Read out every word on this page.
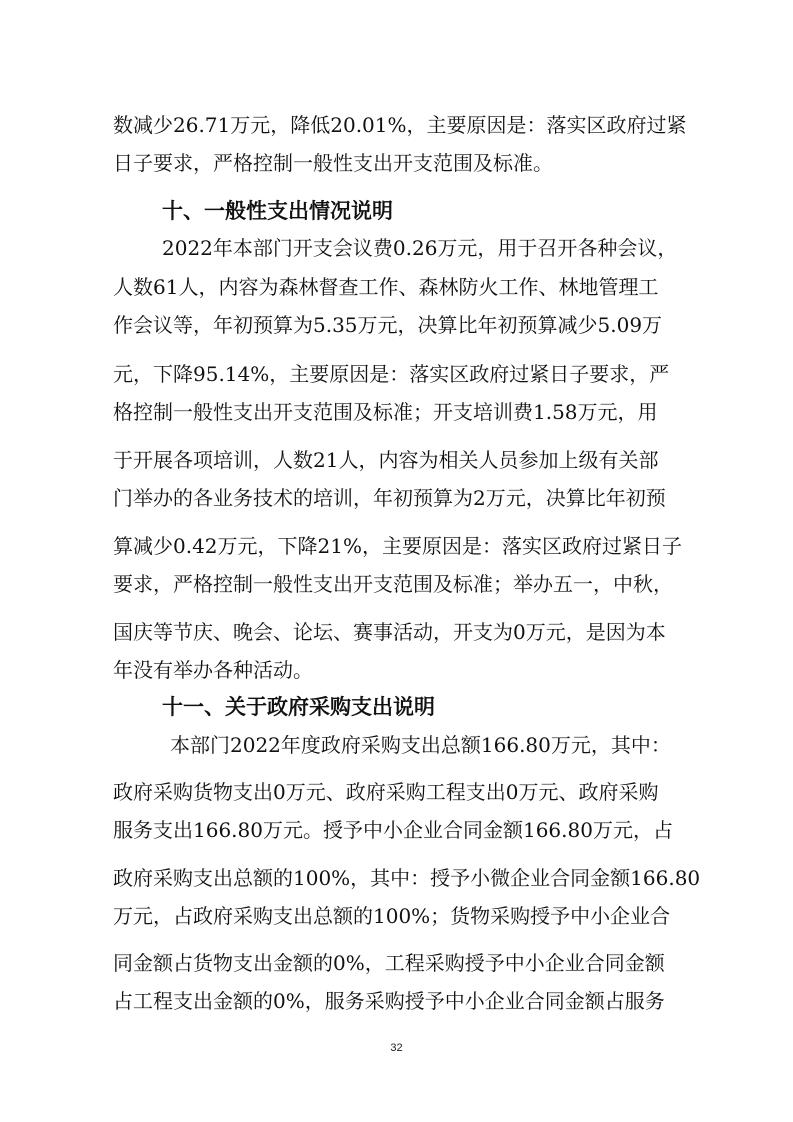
数减少26.71万元，降低20.01%，主要原因是：落实区政府过紧
日子要求，严格控制一般性支出开支范围及标准。
十、一般性支出情况说明
2022年本部门开支会议费0.26万元，用于召开各种会议，
人数61人，内容为森林督查工作、森林防火工作、林地管理工
作会议等，年初预算为5.35万元，决算比年初预算减少5.09万
元，下降95.14%，主要原因是：落实区政府过紧日子要求，严
格控制一般性支出开支范围及标准；开支培训费1.58万元，用
于开展各项培训，人数21人，内容为相关人员参加上级有关部
门举办的各业务技术的培训，年初预算为2万元，决算比年初预
算减少0.42万元，下降21%，主要原因是：落实区政府过紧日子
要求，严格控制一般性支出开支范围及标准；举办五一，中秋，
国庆等节庆、晚会、论坛、赛事活动，开支为0万元，是因为本
年没有举办各种活动。
十一、关于政府采购支出说明
本部门2022年度政府采购支出总额166.80万元，其中：
政府采购货物支出0万元、政府采购工程支出0万元、政府采购
服务支出166.80万元。授予中小企业合同金额166.80万元，占
政府采购支出总额的100%，其中：授予小微企业合同金额166.80
万元，占政府采购支出总额的100%；货物采购授予中小企业合
同金额占货物支出金额的0%，工程采购授予中小企业合同金额
占工程支出金额的0%，服务采购授予中小企业合同金额占服务
32
